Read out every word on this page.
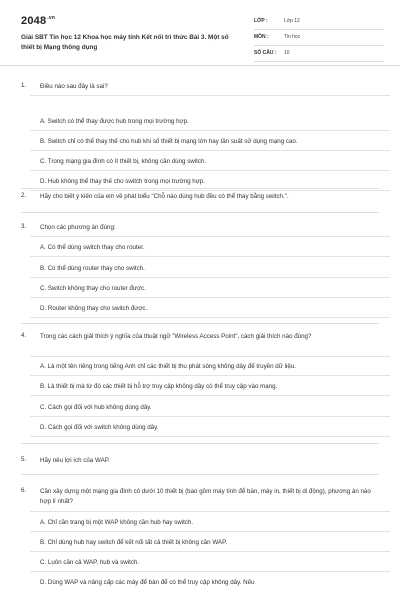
$2048^{.vn}$
Giải SBT Tin học 12 Khoa học máy tính Kết nối tri thức Bài 3. Một số thiết bị Mạng thông dụng
LỚP :	Lớp 12
MÔN :	Tin học
SỐ CÂU : 10
1. Điều nào sau đây là sai?
A. Switch có thể thay được hub trong mọi trường hợp.
B. Switch chỉ có thể thay thế cho hub khi số thiết bị mạng lớn hay tần suất sử dụng mạng cao.
C. Trong mạng gia đình có ít thiết bị, không cần dùng switch.
D. Hub không thể thay thế cho switch trong mọi trường hợp.
2. Hãy cho biết ý kiến của em về phát biểu "Chỗ nào dùng hub đều có thể thay bằng switch.".
3. Chọn các phương án đúng:
A. Có thể dùng switch thay cho router.
B. Có thể dùng router thay cho switch.
C. Switch không thay cho router được.
D. Router không thay cho switch được.
4. Trong các cách giải thích ý nghĩa của thuật ngữ "Wireless Access Point", cách giải thích nào đúng?
A. Là một tên riêng trong tiếng Anh chỉ các thiết bị thu phát sóng không dây để truyền dữ liệu.
B. Là thiết bị mà từ đó các thiết bị hỗ trợ truy cập không dây có thể truy cập vào mạng.
C. Cách gọi đối với hub không dùng dây.
D. Cách gọi đối với switch không dùng dây.
5. Hãy nêu lợi ích của WAP.
6. Cần xây dựng một mạng gia đình có dưới 10 thiết bị (bao gồm máy tính để bàn, máy in, thiết bị di động), phương án nào hợp lí nhất?
A. Chỉ cần trang bị một WAP không cần hub hay switch.
B. Chỉ dùng hub hay switch để kết nối tất cả thiết bị không cần WAP.
C. Luôn cần cả WAP, hub và switch.
D. Dùng WAP và nâng cấp các máy để bàn để có thể truy cập không dây. Nếu
